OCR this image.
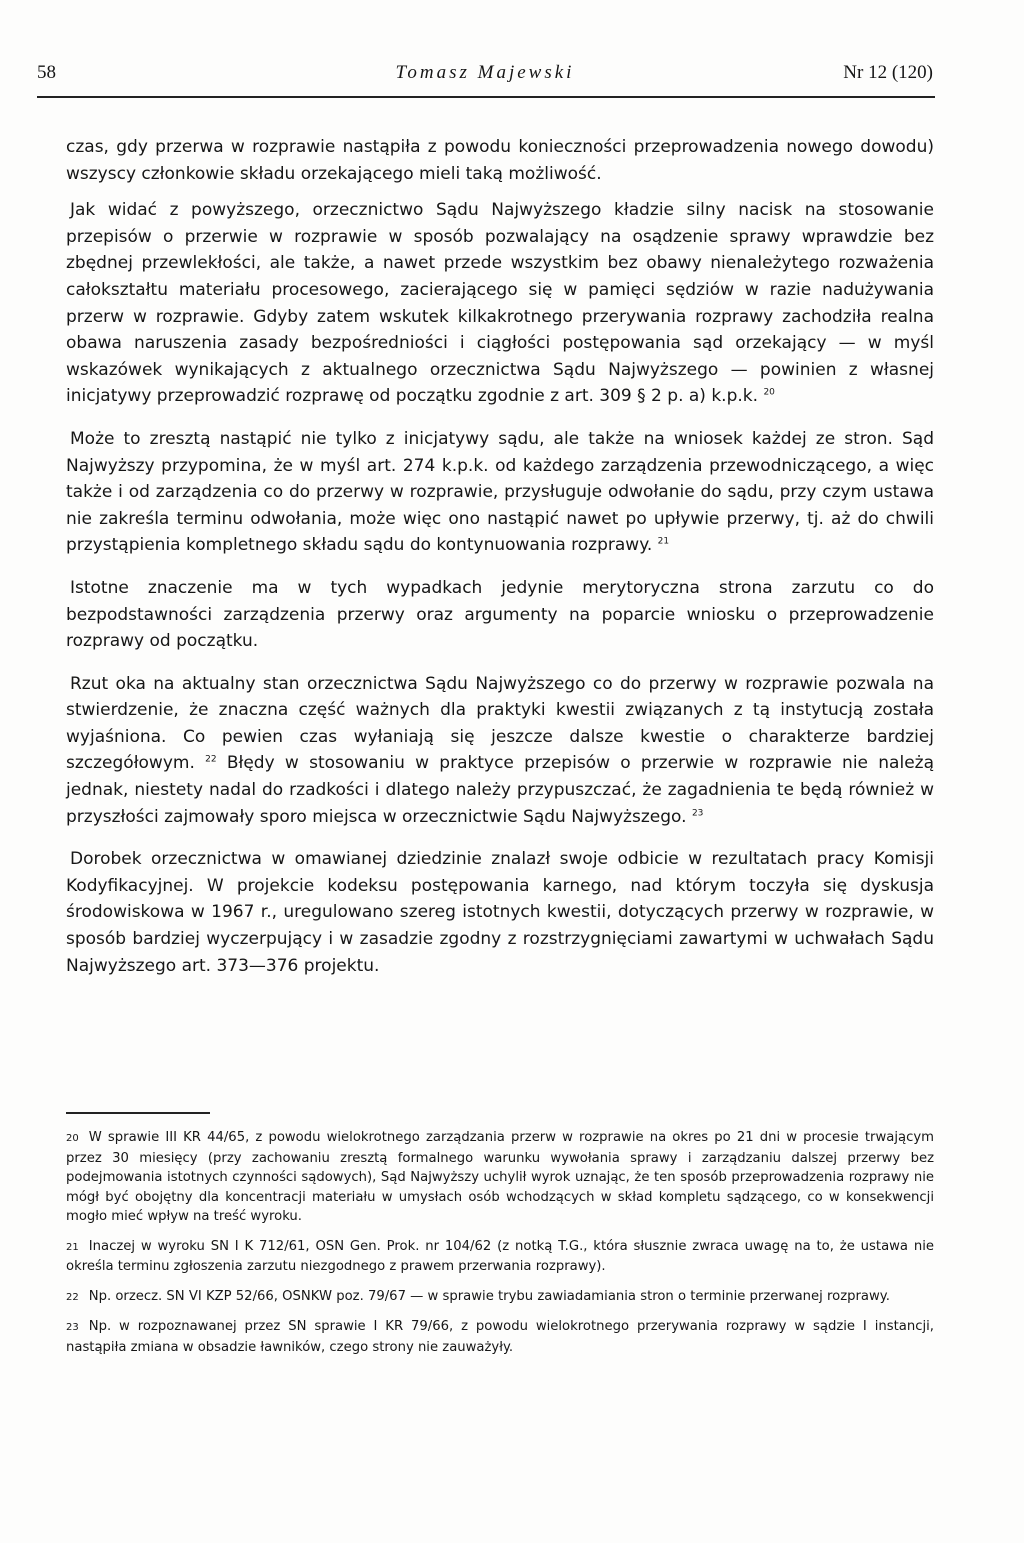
58	Tomasz Majewski	Nr 12 (120)

czas, gdy przerwa w rozprawie nastąpiła z powodu konieczności przeprowadzenia nowego dowodu) wszyscy członkowie składu orzekającego mieli taką możliwość.

Jak widać z powyższego, orzecznictwo Sądu Najwyższego kładzie silny nacisk na stosowanie przepisów o przerwie w rozprawie w sposób pozwalający na osądzenie sprawy wprawdzie bez zbędnej przewlekłości, ale także, a nawet przede wszystkim bez obawy nienależytego rozważenia całokształtu materiału procesowego, zacierającego się w pamięci sędziów w razie nadużywania przerw w rozprawie. Gdyby zatem wskutek kilkakrotnego przerywania rozprawy zachodziła realna obawa naruszenia zasady bezpośredniości i ciągłości postępowania sąd orzekający — w myśl wskazówek wynikających z aktualnego orzecznictwa Sądu Najwyższego — powinien z własnej inicjatywy przeprowadzić rozprawę od początku zgodnie z art. 309 § 2 p. a) k.p.k. $^{20}$

Może to zresztą nastąpić nie tylko z inicjatywy sądu, ale także na wniosek każdej ze stron. Sąd Najwyższy przypomina, że w myśl art. 274 k.p.k. od każdego zarządzenia przewodniczącego, a więc także i od zarządzenia co do przerwy w rozprawie, przysługuje odwołanie do sądu, przy czym ustawa nie zakreśla terminu odwołania, może więc ono nastąpić nawet po upływie przerwy, tj. aż do chwili przystąpienia kompletnego składu sądu do kontynuowania rozprawy. $^{21}$

Istotne znaczenie ma w tych wypadkach jedynie merytoryczna strona zarzutu co do bezpodstawności zarządzenia przerwy oraz argumenty na poparcie wniosku o przeprowadzenie rozprawy od początku.

Rzut oka na aktualny stan orzecznictwa Sądu Najwyższego co do przerwy w rozprawie pozwala na stwierdzenie, że znaczna część ważnych dla praktyki kwestii związanych z tą instytucją została wyjaśniona. Co pewien czas wyłaniają się jeszcze dalsze kwestie o charakterze bardziej szczegółowym. $^{22}$ Błędy w stosowaniu w praktyce przepisów o przerwie w rozprawie nie należą jednak, niestety nadal do rzadkości i dlatego należy przypuszczać, że zagadnienia te będą również w przyszłości zajmowały sporo miejsca w orzecznictwie Sądu Najwyższego. $^{23}$

Dorobek orzecznictwa w omawianej dziedzinie znalazł swoje odbicie w rezultatach pracy Komisji Kodyfikacyjnej. W projekcie kodeksu postępowania karnego, nad którym toczyła się dyskusja środowiskowa w 1967 r., uregulowano szereg istotnych kwestii, dotyczących przerwy w rozprawie, w sposób bardziej wyczerpujący i w zasadzie zgodny z rozstrzygnięciami zawartymi w uchwałach Sądu Najwyższego art. 373—376 projektu.

20 W sprawie III KR 44/65, z powodu wielokrotnego zarządzania przerw w rozprawie na okres po 21 dni w procesie trwającym przez 30 miesięcy (przy zachowaniu zresztą formalnego warunku wywołania sprawy i zarządzaniu dalszej przerwy bez podejmowania istotnych czynności sądowych), Sąd Najwyższy uchylił wyrok uznając, że ten sposób przeprowadzenia rozprawy nie mógł być obojętny dla koncentracji materiału w umysłach osób wchodzących w skład kompletu sądzącego, co w konsekwencji mogło mieć wpływ na treść wyroku.

21 Inaczej w wyroku SN I K 712/61, OSN Gen. Prok. nr 104/62 (z notką T.G., która słusznie zwraca uwagę na to, że ustawa nie określa terminu zgłoszenia zarzutu niezgodnego z prawem przerwania rozprawy).

22 Np. orzecz. SN VI KZP 52/66, OSNKW poz. 79/67 — w sprawie trybu zawiadamiania stron o terminie przerwanej rozprawy.

23 Np. w rozpoznawanej przez SN sprawie I KR 79/66, z powodu wielokrotnego przerywania rozprawy w sądzie I instancji, nastąpiła zmiana w obsadzie ławników, czego strony nie zauważyły.
